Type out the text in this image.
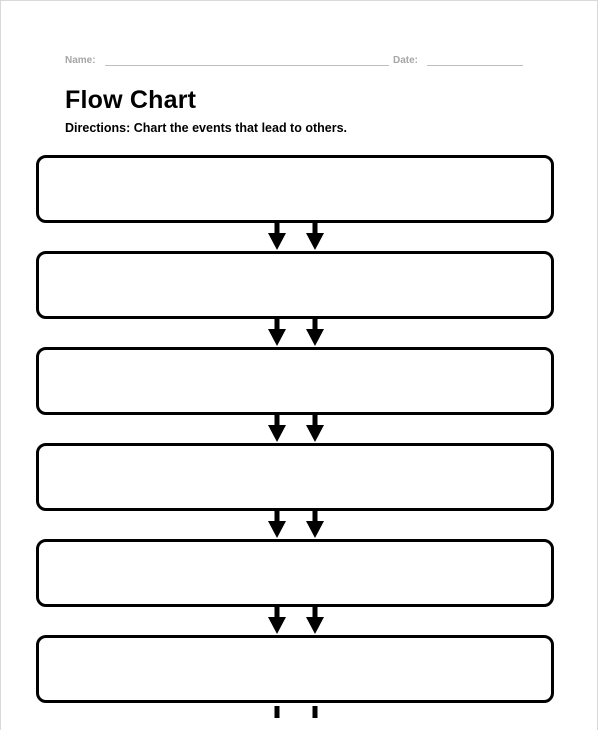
Name:	Date:
Flow Chart
Directions: Chart the events that lead to others.
